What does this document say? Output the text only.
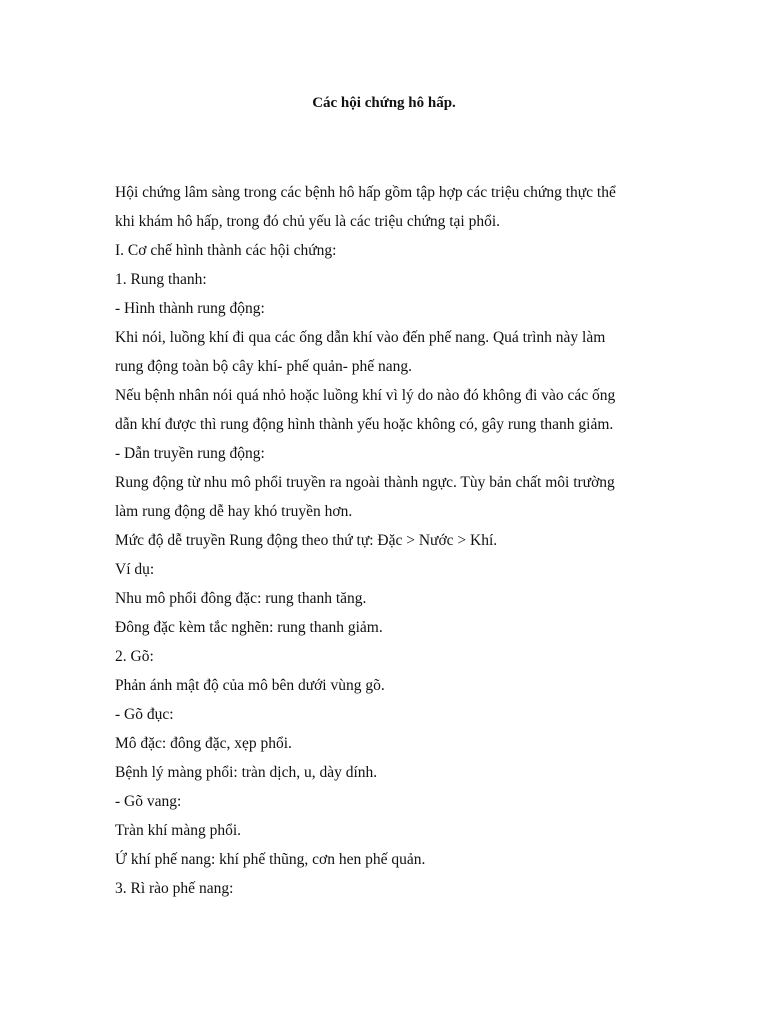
Các hội chứng hô hấp.
Hội chứng lâm sàng trong các bệnh hô hấp gồm tập hợp các triệu chứng thực thể
khi khám hô hấp, trong đó chủ yếu là các triệu chứng tại phổi.
I. Cơ chế hình thành các hội chứng:
1. Rung thanh:
- Hình thành rung động:
Khi nói, luồng khí đi qua các ống dẫn khí vào đến phế nang. Quá trình này làm
rung động toàn bộ cây khí- phế quản- phế nang.
Nếu bệnh nhân nói quá nhỏ hoặc luồng khí vì lý do nào đó không đi vào các ống
dẫn khí được thì rung động hình thành yếu hoặc không có, gây rung thanh giảm.
- Dẫn truyền rung động:
Rung động từ nhu mô phổi truyền ra ngoài thành ngực. Tùy bản chất môi trường
làm rung động dễ hay khó truyền hơn.
Mức độ dễ truyền Rung động theo thứ tự: Đặc > Nước > Khí.
Ví dụ:
Nhu mô phổi đông đặc: rung thanh tăng.
Đông đặc kèm tắc nghẽn: rung thanh giảm.
2. Gõ:
Phản ánh mật độ của mô bên dưới vùng gõ.
- Gõ đục:
Mô đặc: đông đặc, xẹp phổi.
Bệnh lý màng phổi: tràn dịch, u, dày dính.
- Gõ vang:
Tràn khí màng phổi.
Ứ khí phế nang: khí phế thũng, cơn hen phế quản.
3. Rì rào phế nang:
